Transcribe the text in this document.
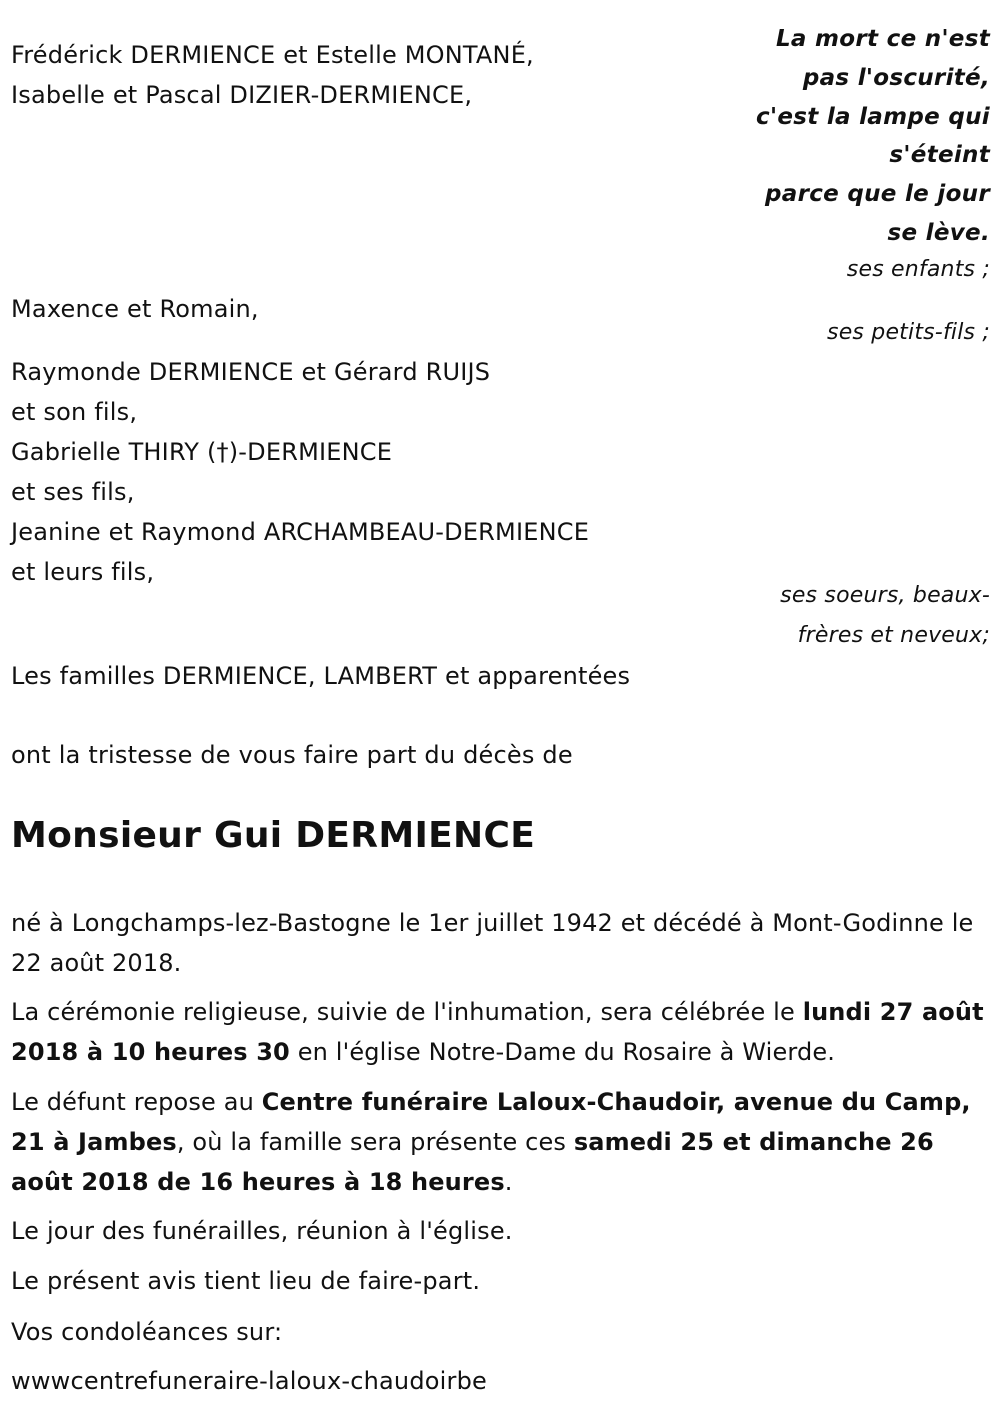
La mort ce n'est
pas l'oscurité,
c'est la lampe qui
s'éteint
parce que le jour
se lève.
Frédérick DERMIENCE et Estelle MONTANÉ,
Isabelle et Pascal DIZIER-DERMIENCE,
ses enfants ;
Maxence et Romain,
ses petits-fils ;
Raymonde DERMIENCE et Gérard RUIJS
et son fils,
Gabrielle THIRY (†)-DERMIENCE
et ses fils,
Jeanine et Raymond ARCHAMBEAU-DERMIENCE
et leurs fils,
ses soeurs, beaux-
frères et neveux;
Les familles DERMIENCE, LAMBERT et apparentées
ont la tristesse de vous faire part du décès de
Monsieur Gui DERMIENCE
né à Longchamps-lez-Bastogne le 1er juillet 1942 et décédé à Mont-Godinne le 22 août 2018.
La cérémonie religieuse, suivie de l'inhumation, sera célébrée le lundi 27 août 2018 à 10 heures 30 en l'église Notre-Dame du Rosaire à Wierde.
Le défunt repose au Centre funéraire Laloux-Chaudoir, avenue du Camp, 21 à Jambes, où la famille sera présente ces samedi 25 et dimanche 26 août 2018 de 16 heures à 18 heures.
Le jour des funérailles, réunion à l'église.
Le présent avis tient lieu de faire-part.
Vos condoléances sur:
wwwcentrefuneraire-laloux-chaudoirbe
